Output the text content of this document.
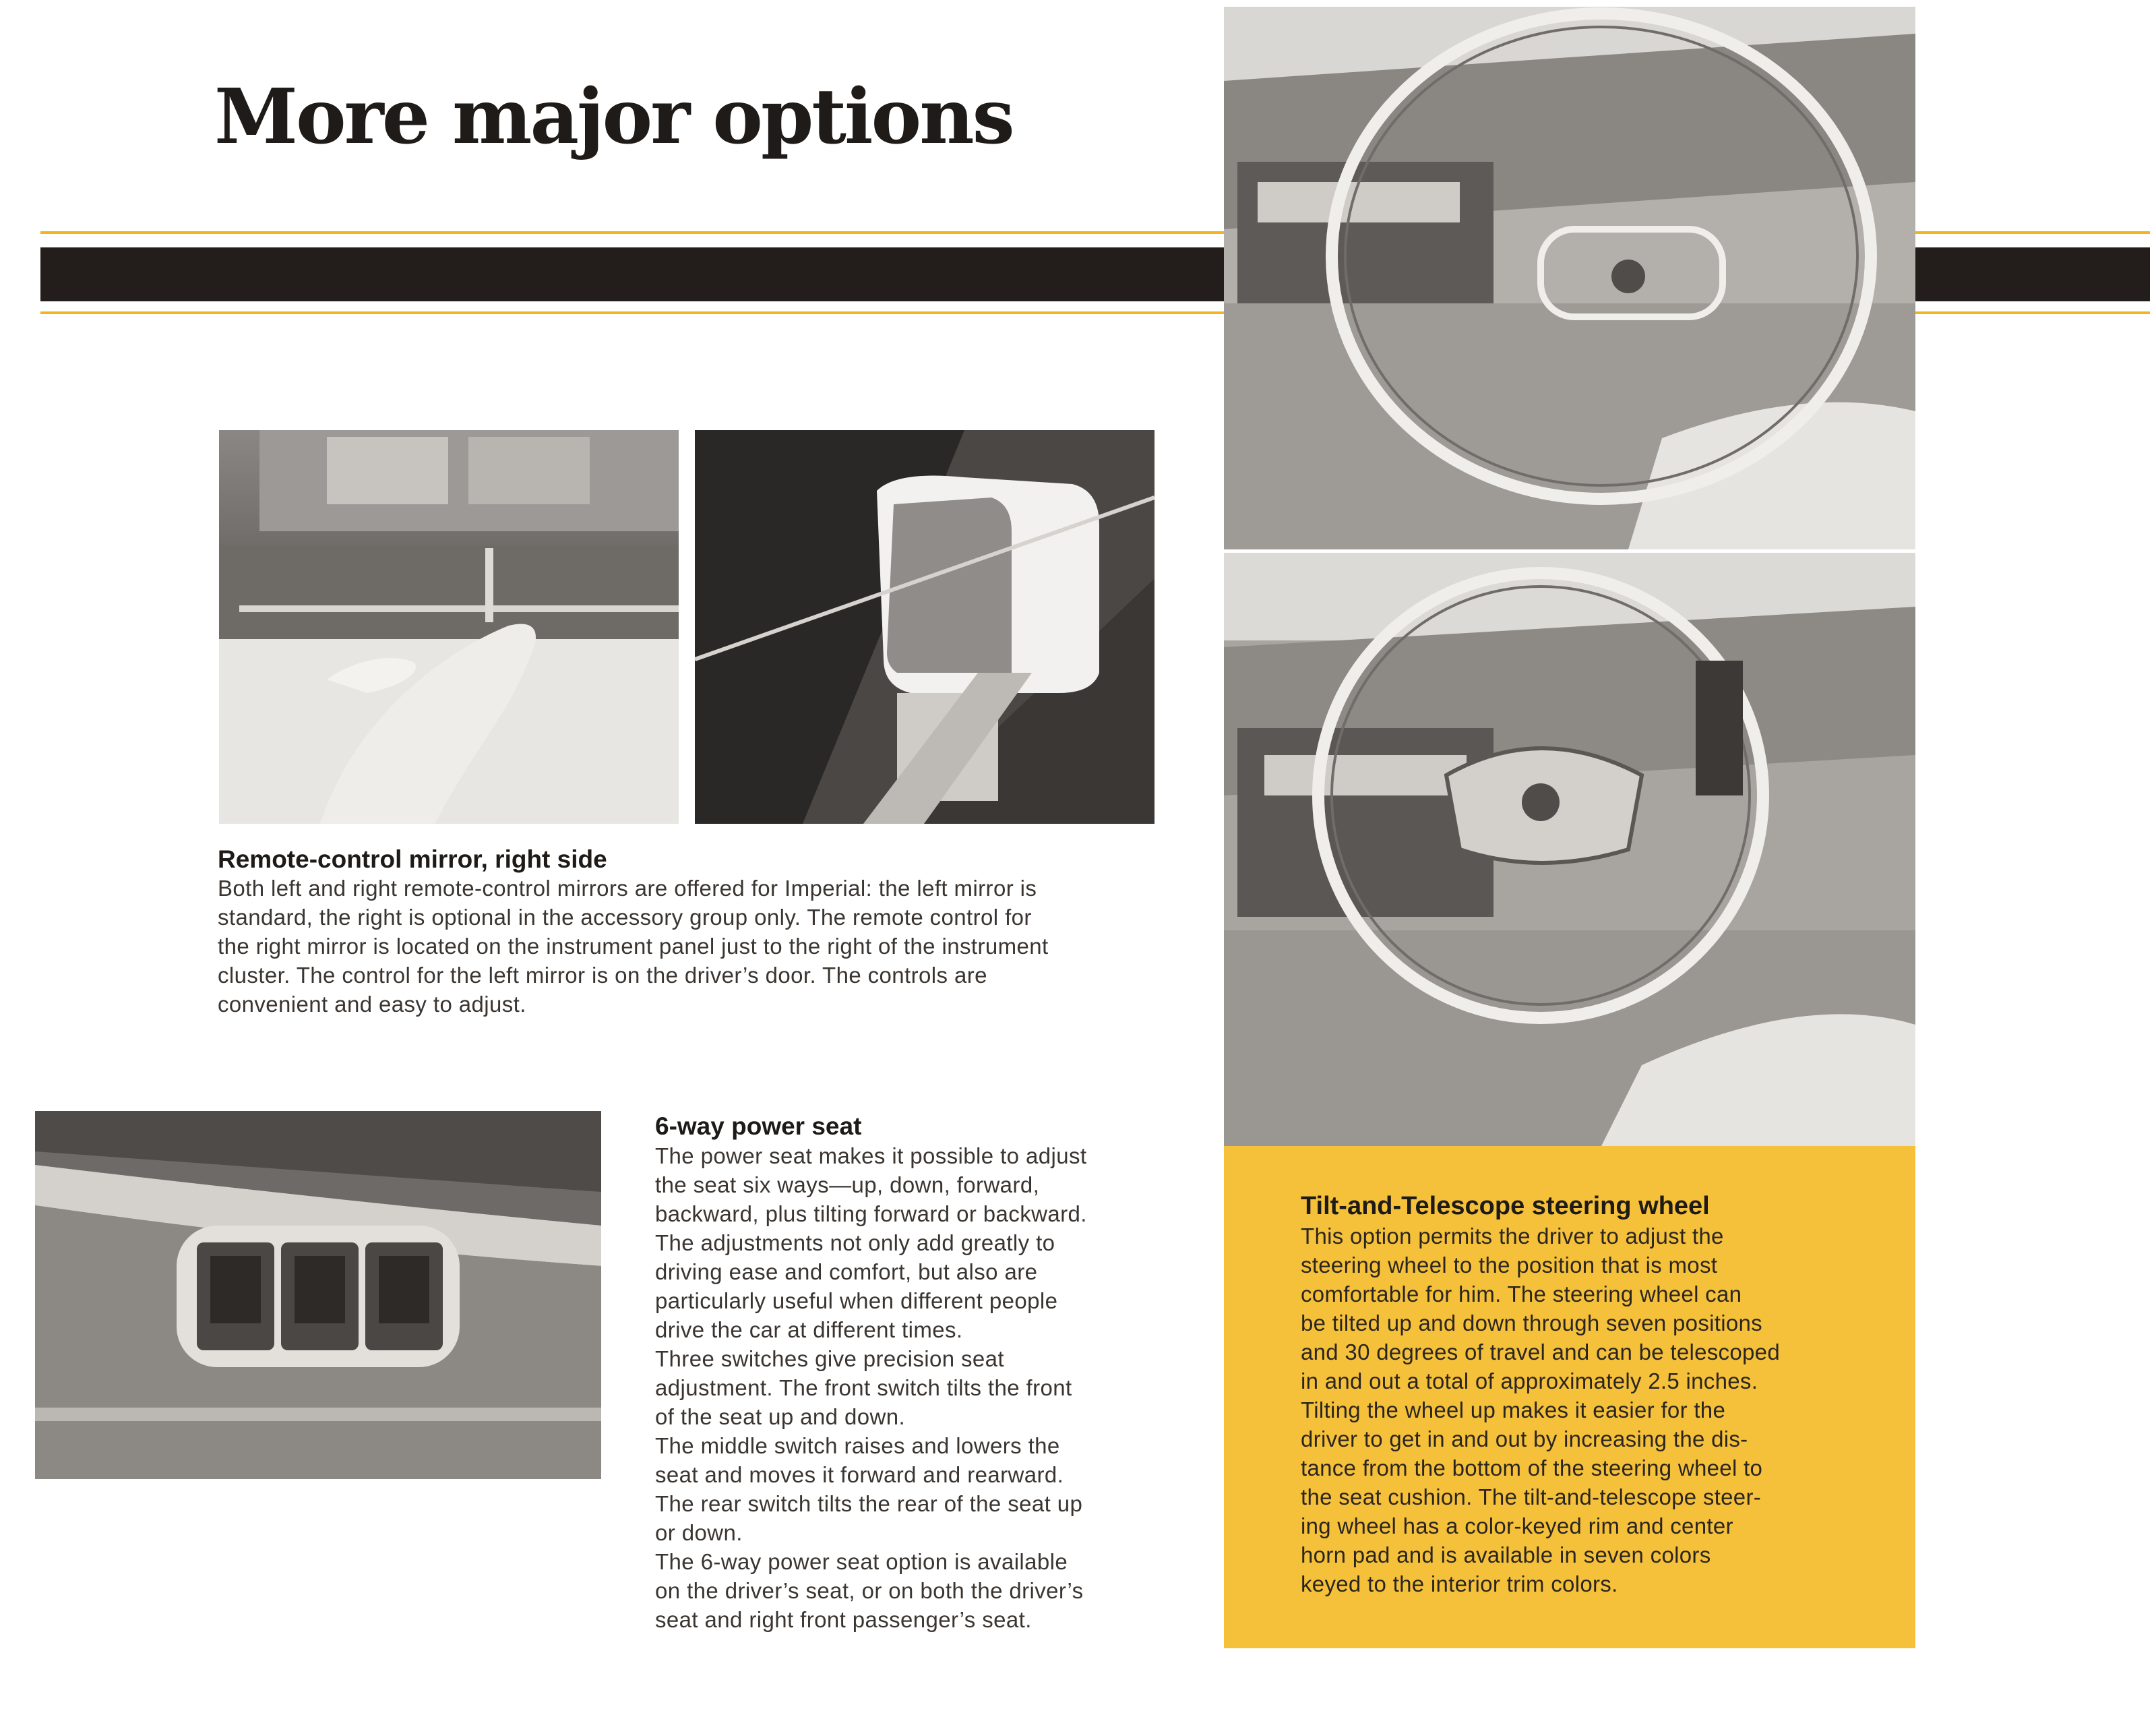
More major options
Remote-control mirror, right side
Both left and right remote-control mirrors are offered for Imperial: the left mirror is
standard, the right is optional in the accessory group only. The remote control for
the right mirror is located on the instrument panel just to the right of the instrument
cluster. The control for the left mirror is on the driver’s door. The controls are
convenient and easy to adjust.
6-way power seat
The power seat makes it possible to adjust
the seat six ways—up, down, forward,
backward, plus tilting forward or backward.
The adjustments not only add greatly to
driving ease and comfort, but also are
particularly useful when different people
drive the car at different times.
Three switches give precision seat
adjustment. The front switch tilts the front
of the seat up and down.
The middle switch raises and lowers the
seat and moves it forward and rearward.
The rear switch tilts the rear of the seat up
or down.
The 6-way power seat option is available
on the driver’s seat, or on both the driver’s
seat and right front passenger’s seat.
Tilt-and-Telescope steering wheel
This option permits the driver to adjust the
steering wheel to the position that is most
comfortable for him. The steering wheel can
be tilted up and down through seven positions
and 30 degrees of travel and can be telescoped
in and out a total of approximately 2.5 inches.
Tilting the wheel up makes it easier for the
driver to get in and out by increasing the dis-
tance from the bottom of the steering wheel to
the seat cushion. The tilt-and-telescope steer-
ing wheel has a color-keyed rim and center
horn pad and is available in seven colors
keyed to the interior trim colors.
